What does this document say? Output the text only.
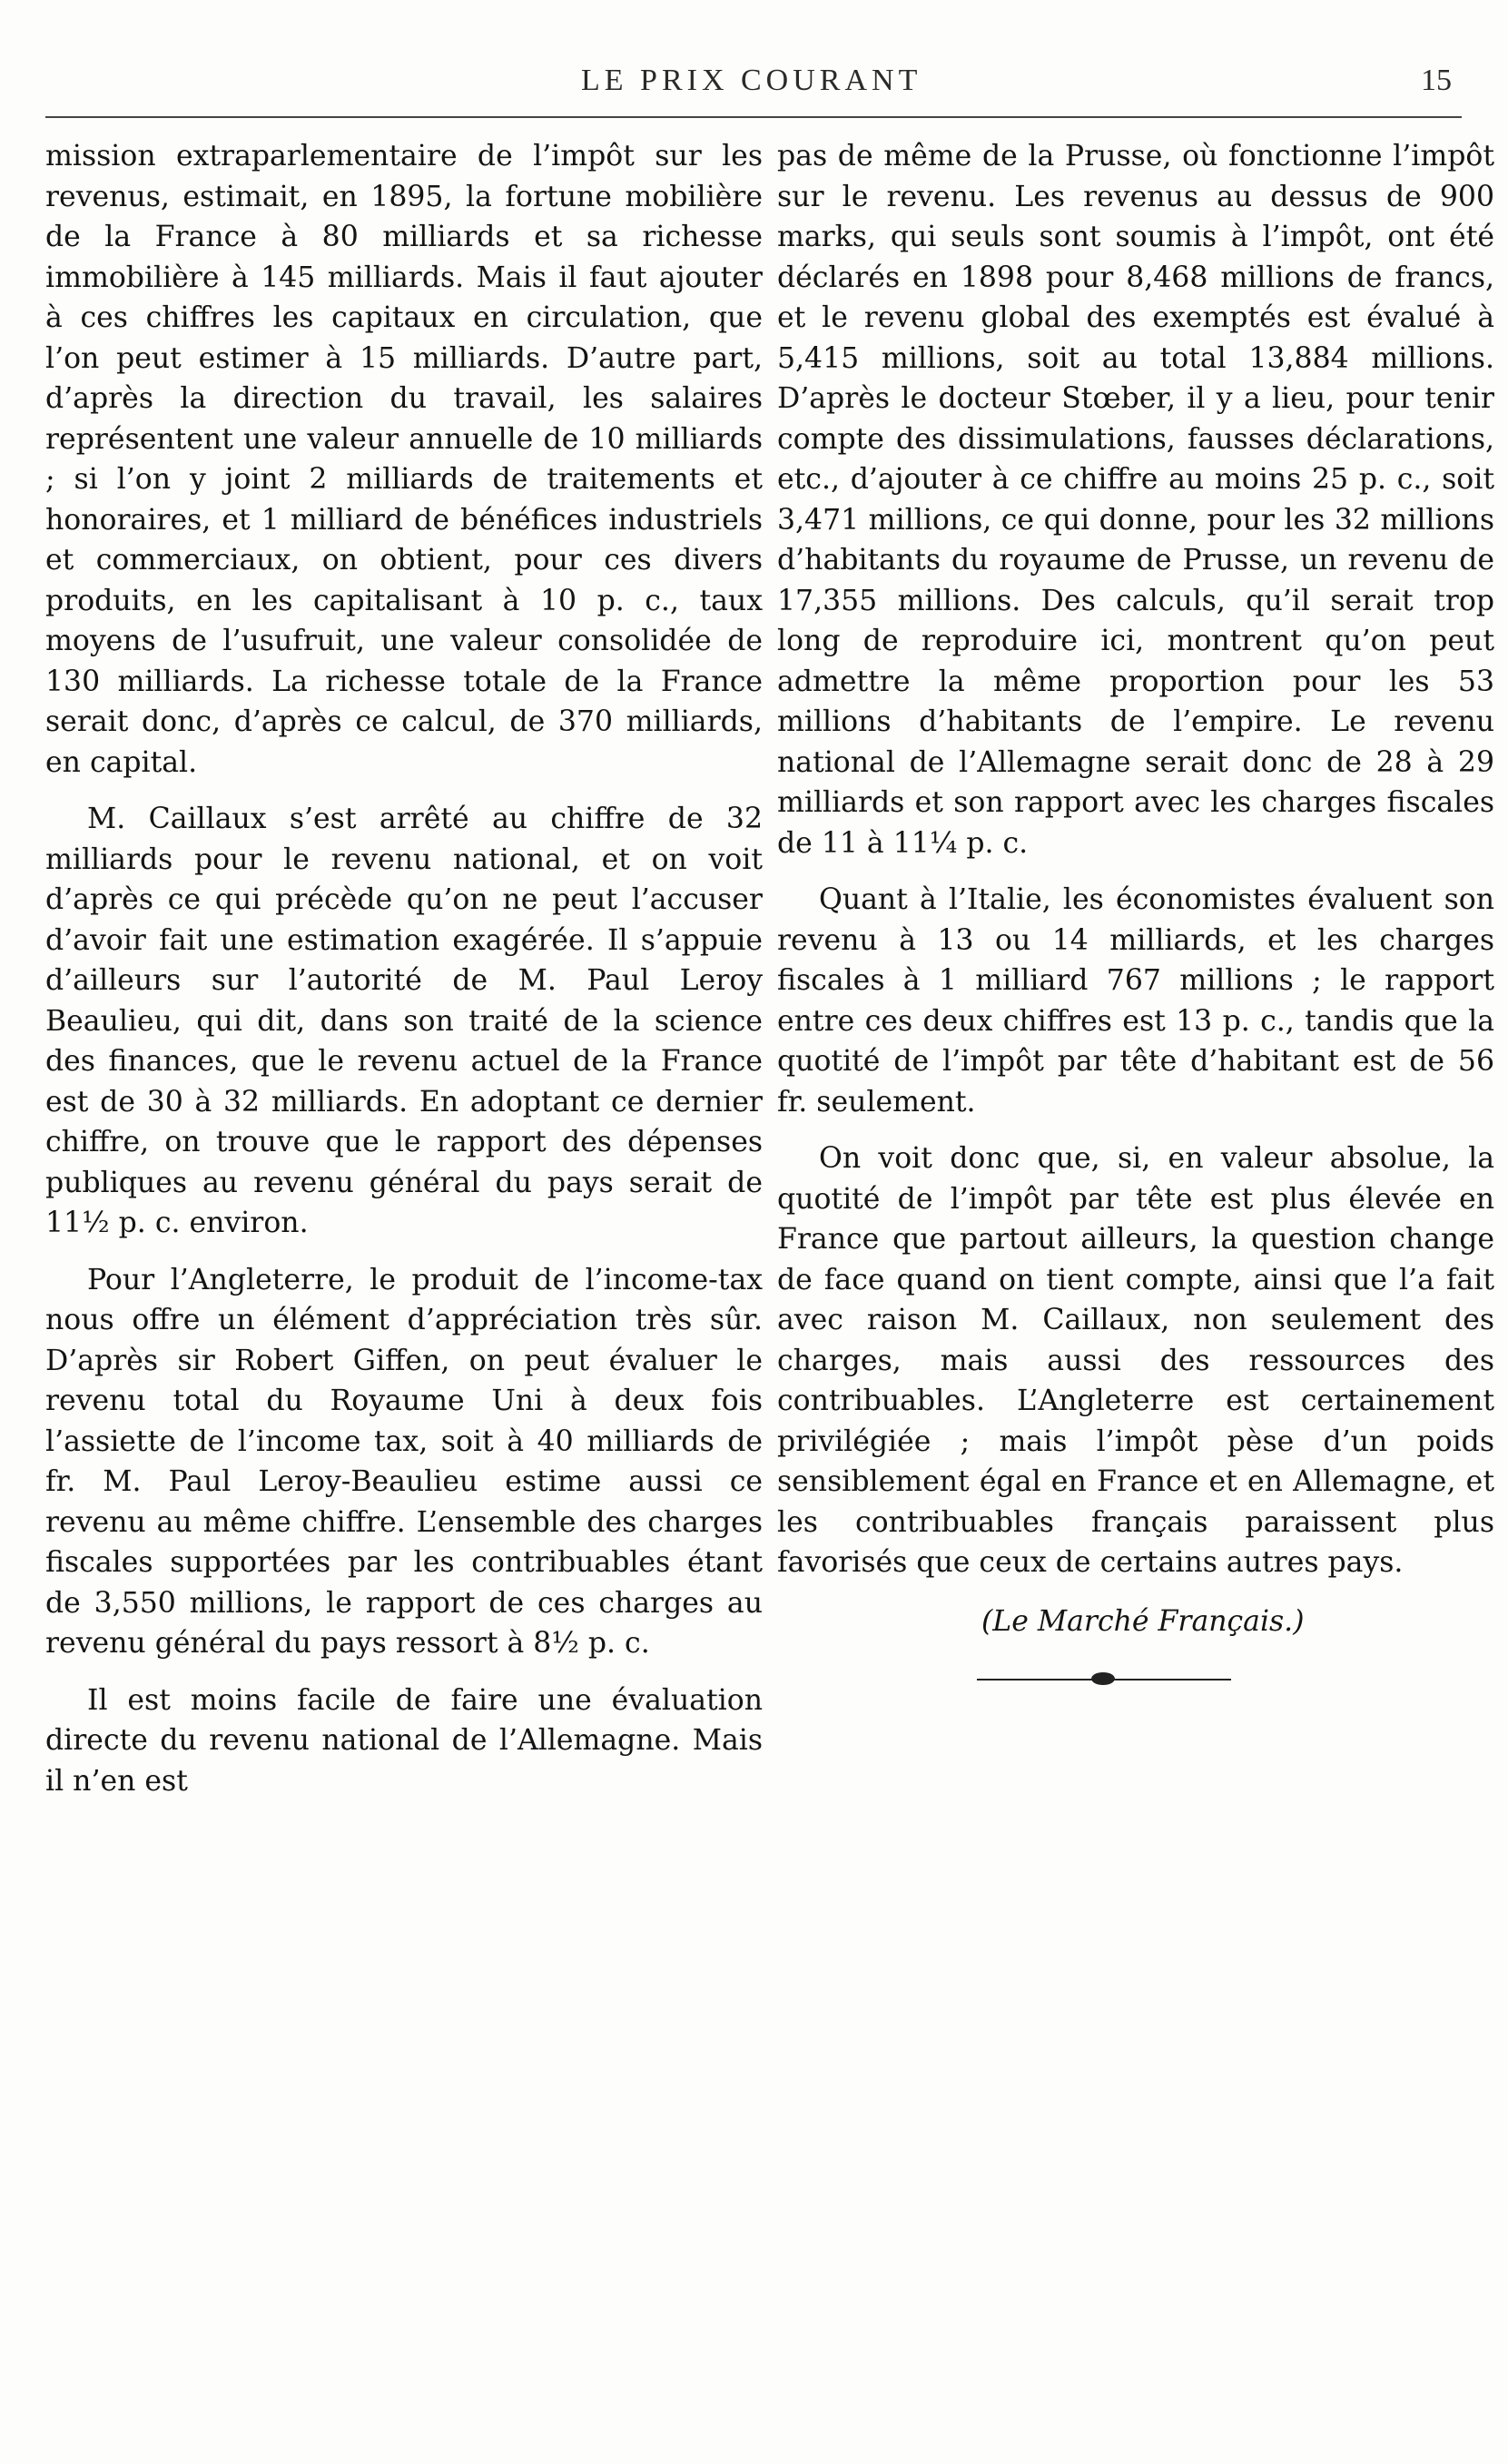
LE PRIX COURANT	15

mission extraparlementaire de l’impôt sur les revenus, estimait, en 1895, la fortune mobilière de la France à 80 milliards et sa richesse immobilière à 145 milliards. Mais il faut ajouter à ces chiffres les capitaux en circulation, que l’on peut estimer à 15 milliards. D’autre part, d’après la direction du travail, les salaires représentent une valeur annuelle de 10 milliards ; si l’on y joint 2 milliards de traitements et honoraires, et 1 milliard de bénéfices industriels et commerciaux, on obtient, pour ces divers produits, en les capitalisant à 10 p. c., taux moyens de l’usufruit, une valeur consolidée de 130 milliards. La richesse totale de la France serait donc, d’après ce calcul, de 370 milliards, en capital.

M. Caillaux s’est arrêté au chiffre de 32 milliards pour le revenu national, et on voit d’après ce qui précède qu’on ne peut l’accuser d’avoir fait une estimation exagérée. Il s’appuie d’ailleurs sur l’autorité de M. Paul Leroy Beaulieu, qui dit, dans son traité de la science des finances, que le revenu actuel de la France est de 30 à 32 milliards. En adoptant ce dernier chiffre, on trouve que le rapport des dépenses publiques au revenu général du pays serait de 11½ p. c. environ.

Pour l’Angleterre, le produit de l’income-tax nous offre un élément d’appréciation très sûr. D’après sir Robert Giffen, on peut évaluer le revenu total du Royaume Uni à deux fois l’assiette de l’income tax, soit à 40 milliards de fr. M. Paul Leroy-Beaulieu estime aussi ce revenu au même chiffre. L’ensemble des charges fiscales supportées par les contribuables étant de 3,550 millions, le rapport de ces charges au revenu général du pays ressort à 8½ p. c.

Il est moins facile de faire une évaluation directe du revenu national de l’Allemagne. Mais il n’en est

pas de même de la Prusse, où fonctionne l’impôt sur le revenu. Les revenus au dessus de 900 marks, qui seuls sont soumis à l’impôt, ont été déclarés en 1898 pour 8,468 millions de francs, et le revenu global des exemptés est évalué à 5,415 millions, soit au total 13,884 millions. D’après le docteur Stœber, il y a lieu, pour tenir compte des dissimulations, fausses déclarations, etc., d’ajouter à ce chiffre au moins 25 p. c., soit 3,471 millions, ce qui donne, pour les 32 millions d’habitants du royaume de Prusse, un revenu de 17,355 millions. Des calculs, qu’il serait trop long de reproduire ici, montrent qu’on peut admettre la même proportion pour les 53 millions d’habitants de l’empire. Le revenu national de l’Allemagne serait donc de 28 à 29 milliards et son rapport avec les charges fiscales de 11 à 11¼ p. c.

Quant à l’Italie, les économistes évaluent son revenu à 13 ou 14 milliards, et les charges fiscales à 1 milliard 767 millions ; le rapport entre ces deux chiffres est 13 p. c., tandis que la quotité de l’impôt par tête d’habitant est de 56 fr. seulement.

On voit donc que, si, en valeur absolue, la quotité de l’impôt par tête est plus élevée en France que partout ailleurs, la question change de face quand on tient compte, ainsi que l’a fait avec raison M. Caillaux, non seulement des charges, mais aussi des ressources des contribuables. L’Angleterre est certainement privilégiée ; mais l’impôt pèse d’un poids sensiblement égal en France et en Allemagne, et les contribuables français paraissent plus favorisés que ceux de certains autres pays.

(Le Marché Français.)
